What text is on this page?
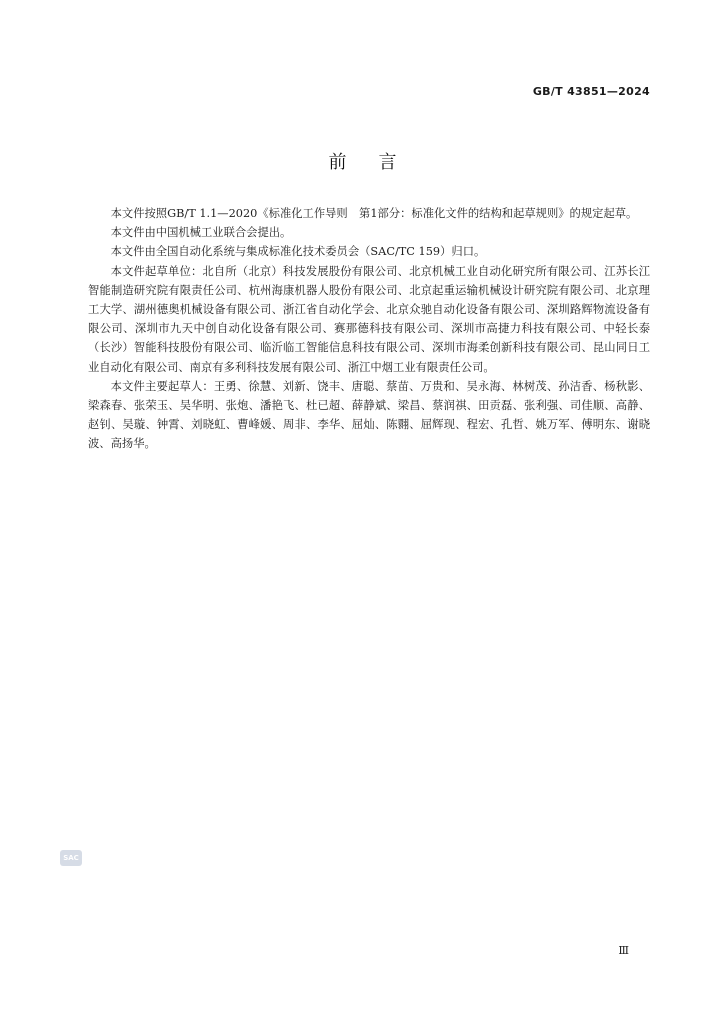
GB/T 43851—2024
前言

本文件按照GB/T 1.1—2020《标准化工作导则　第1部分：标准化文件的结构和起草规则》的规定起草。

本文件由中国机械工业联合会提出。

本文件由全国自动化系统与集成标准化技术委员会（SAC/TC 159）归口。

本文件起草单位：北自所（北京）科技发展股份有限公司、北京机械工业自动化研究所有限公司、江苏长江智能制造研究院有限责任公司、杭州海康机器人股份有限公司、北京起重运输机械设计研究院有限公司、北京理工大学、湖州德奥机械设备有限公司、浙江省自动化学会、北京众驰自动化设备有限公司、深圳路辉物流设备有限公司、深圳市九天中创自动化设备有限公司、赛那德科技有限公司、深圳市高捷力科技有限公司、中轻长泰（长沙）智能科技股份有限公司、临沂临工智能信息科技有限公司、深圳市海柔创新科技有限公司、昆山同日工业自动化有限公司、南京有多利科技发展有限公司、浙江中烟工业有限责任公司。

本文件主要起草人：王勇、徐慧、刘新、饶丰、唐聪、蔡苗、万贵和、吴永海、林树茂、孙洁香、杨秋影、梁森春、张荣玉、吴华明、张炮、潘艳飞、杜已超、薛静斌、梁昌、蔡润祺、田贡磊、张利强、司佳顺、高静、赵钊、吴璇、钟霄、刘晓虹、曹峰媛、周非、李华、屈灿、陈翾、屈辉现、程宏、孔哲、姚万军、傅明东、谢晓波、高扬华。

SAC
Ⅲ
